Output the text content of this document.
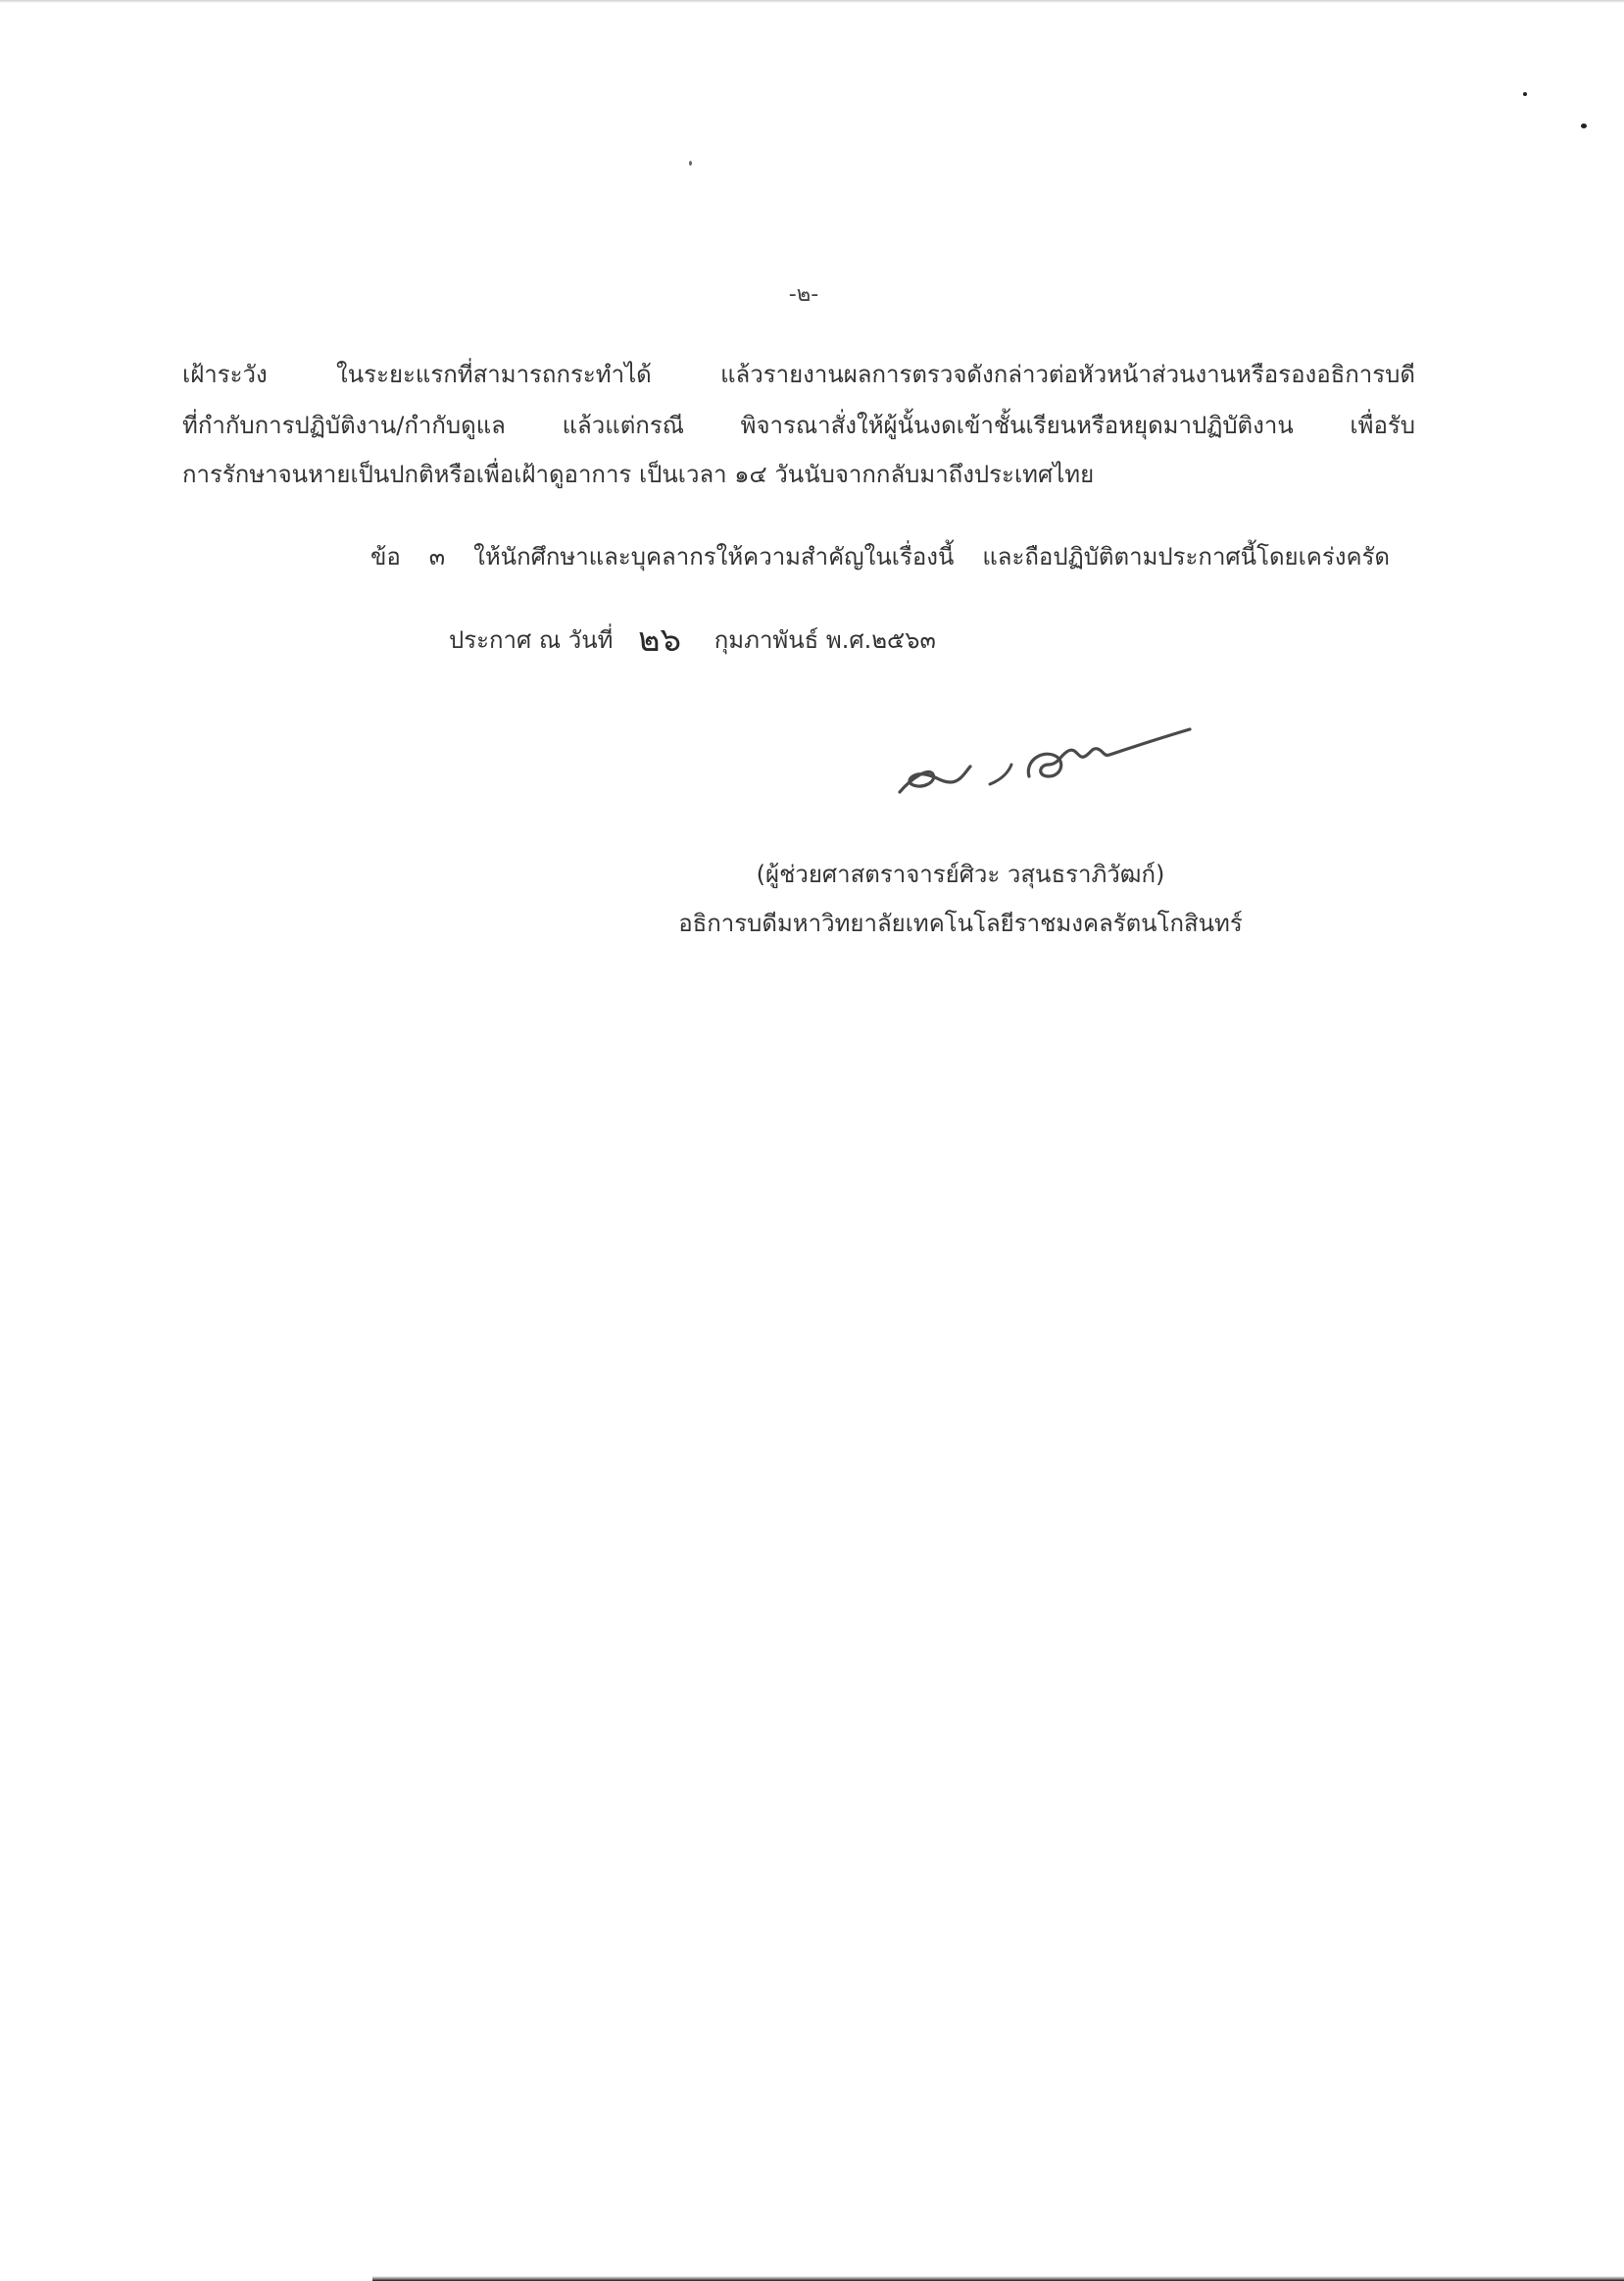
-๒-
เฝ้าระวัง ในระยะแรกที่สามารถกระทำได้ แล้วรายงานผลการตรวจดังกล่าวต่อหัวหน้าส่วนงานหรือรองอธิการบดี
ที่กำกับการปฏิบัติงาน/กำกับดูแล แล้วแต่กรณี พิจารณาสั่งให้ผู้นั้นงดเข้าชั้นเรียนหรือหยุดมาปฏิบัติงาน เพื่อรับ
การรักษาจนหายเป็นปกติหรือเพื่อเฝ้าดูอาการ เป็นเวลา ๑๔ วันนับจากกลับมาถึงประเทศไทย
ข้อ ๓ ให้นักศึกษาและบุคลากรให้ความสำคัญในเรื่องนี้ และถือปฏิบัติตามประกาศนี้โดยเคร่งครัด
ประกาศ ณ วันที่ ๒๖ กุมภาพันธ์ พ.ศ.๒๕๖๓
(ผู้ช่วยศาสตราจารย์ศิวะ วสุนธราภิวัฒก์)
อธิการบดีมหาวิทยาลัยเทคโนโลยีราชมงคลรัตนโกสินทร์
